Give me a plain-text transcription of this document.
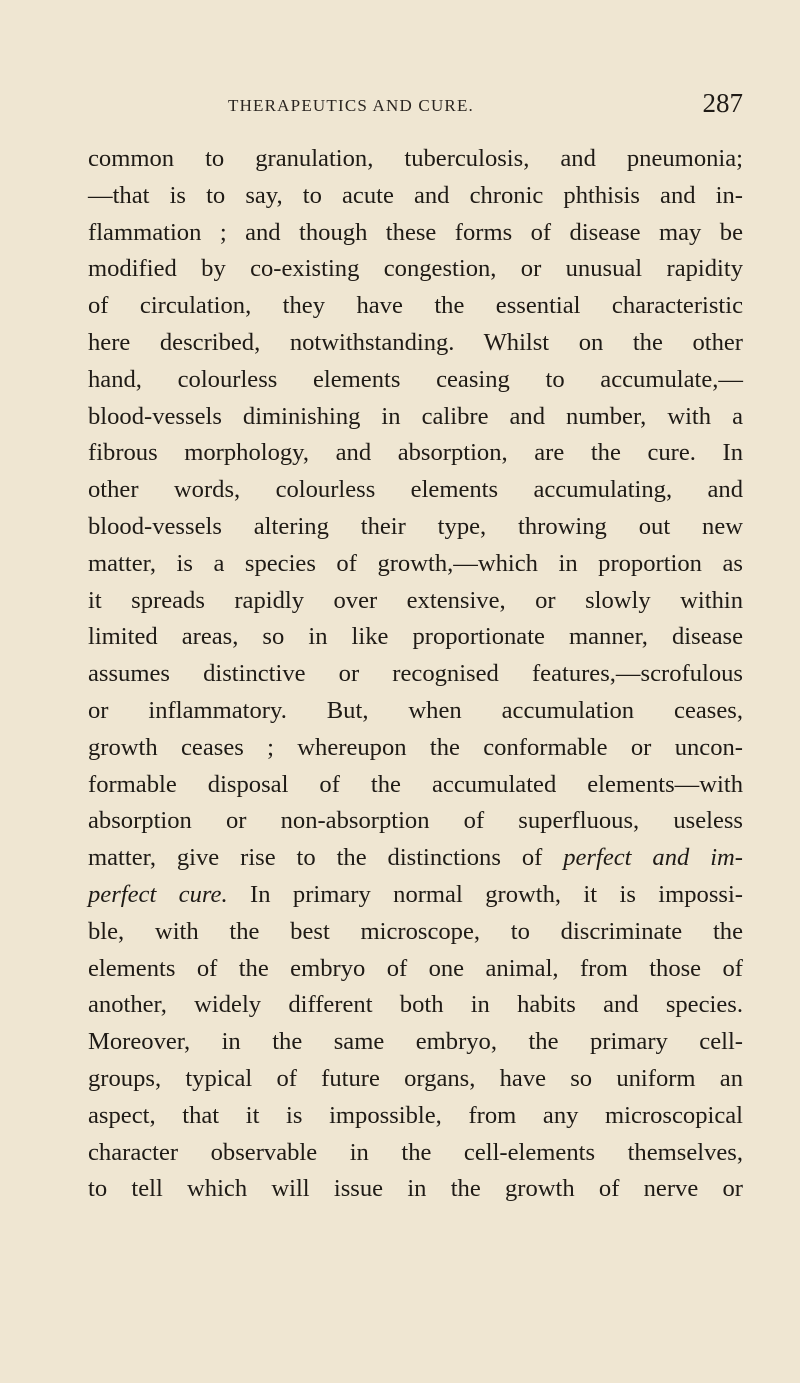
THERAPEUTICS AND CURE.	287
common to granulation, tuberculosis, and pneumonia;
—that is to say, to acute and chronic phthisis and in-
flammation ; and though these forms of disease may be
modified by co-existing congestion, or unusual rapidity
of circulation, they have the essential characteristic
here described, notwithstanding. Whilst on the other
hand, colourless elements ceasing to accumulate,—
blood-vessels diminishing in calibre and number, with a
fibrous morphology, and absorption, are the cure. In
other words, colourless elements accumulating, and
blood-vessels altering their type, throwing out new
matter, is a species of growth,—which in proportion as
it spreads rapidly over extensive, or slowly within
limited areas, so in like proportionate manner, disease
assumes distinctive or recognised features,—scrofulous
or inflammatory. But, when accumulation ceases,
growth ceases ; whereupon the conformable or uncon-
formable disposal of the accumulated elements—with
absorption or non-absorption of superfluous, useless
matter, give rise to the distinctions of perfect and im-
perfect cure. In primary normal growth, it is impossi-
ble, with the best microscope, to discriminate the
elements of the embryo of one animal, from those of
another, widely different both in habits and species.
Moreover, in the same embryo, the primary cell-
groups, typical of future organs, have so uniform an
aspect, that it is impossible, from any microscopical
character observable in the cell-elements themselves,
to tell which will issue in the growth of nerve or
